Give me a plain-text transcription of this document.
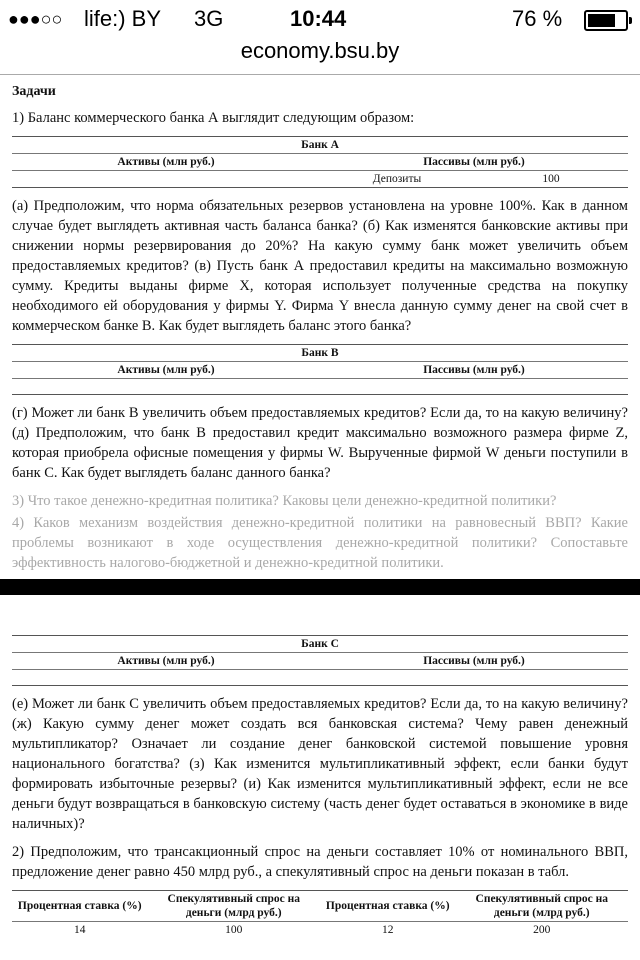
●●●○○ life:) BY 3G	10:44	76 %
economy.bsu.by
Задачи
1) Баланс коммерческого банка А выглядит следующим образом:
Банк А			
Активы (млн руб.)		Пассивы (млн руб.)	
		Депозиты	100
(а) Предположим, что норма обязательных резервов установлена на уровне 100%. Как в данном случае будет выглядеть активная часть баланса банка? (б) Как изменятся банковские активы при снижении нормы резервирования до 20%? На какую сумму банк может увеличить объем предоставляемых кредитов? (в) Пусть банк А предоставил кредиты на максимально возможную сумму. Кредиты выданы фирме X, которая использует полученные средства на покупку необходимого ей оборудования у фирмы Y. Фирма Y внесла данную сумму денег на свой счет в коммерческом банке B. Как будет выглядеть баланс этого банка?
Банк B	
Активы (млн руб.)	Пассивы (млн руб.)

(г) Может ли банк B увеличить объем предоставляемых кредитов? Если да, то на какую величину? (д) Предположим, что банк B предоставил кредит максимально возможного размера фирме Z, которая приобрела офисные помещения у фирмы W. Вырученные фирмой W деньги поступили в банк C. Как будет выглядеть баланс данного банка?

3) Что такое денежно-кредитная политика? Каковы цели денежно-кредитной политики?

4) Каков механизм воздействия денежно-кредитной политики на равновесный ВВП? Какие проблемы возникают в ходе осуществления денежно-кредитной политики? Сопоставьте эффективность налогово-бюджетной и денежно-кредитной политики.

Банк C	
Активы (млн руб.)	Пассивы (млн руб.)

(е) Может ли банк C увеличить объем предоставляемых кредитов? Если да, то на какую величину? (ж) Какую сумму денег может создать вся банковская система? Чему равен денежный мультипликатор? Означает ли создание денег банковской системой повышение уровня национального богатства? (з) Как изменится мультипликативный эффект, если банки будут формировать избыточные резервы? (и) Как изменится мультипликативный эффект, если не все деньги будут возвращаться в банковскую систему (часть денег будет оставаться в экономике в виде наличных)?
2) Предположим, что трансакционный спрос на деньги составляет 10% от номинального ВВП, предложение денег равно 450 млрд руб., а спекулятивный спрос на деньги показан в табл.
Процентная ставка (%)	Спекулятивный спрос на деньги (млрд руб.)	Процентная ставка (%)	Спекулятивный спрос на деньги (млрд руб.)
14	100	12	200
